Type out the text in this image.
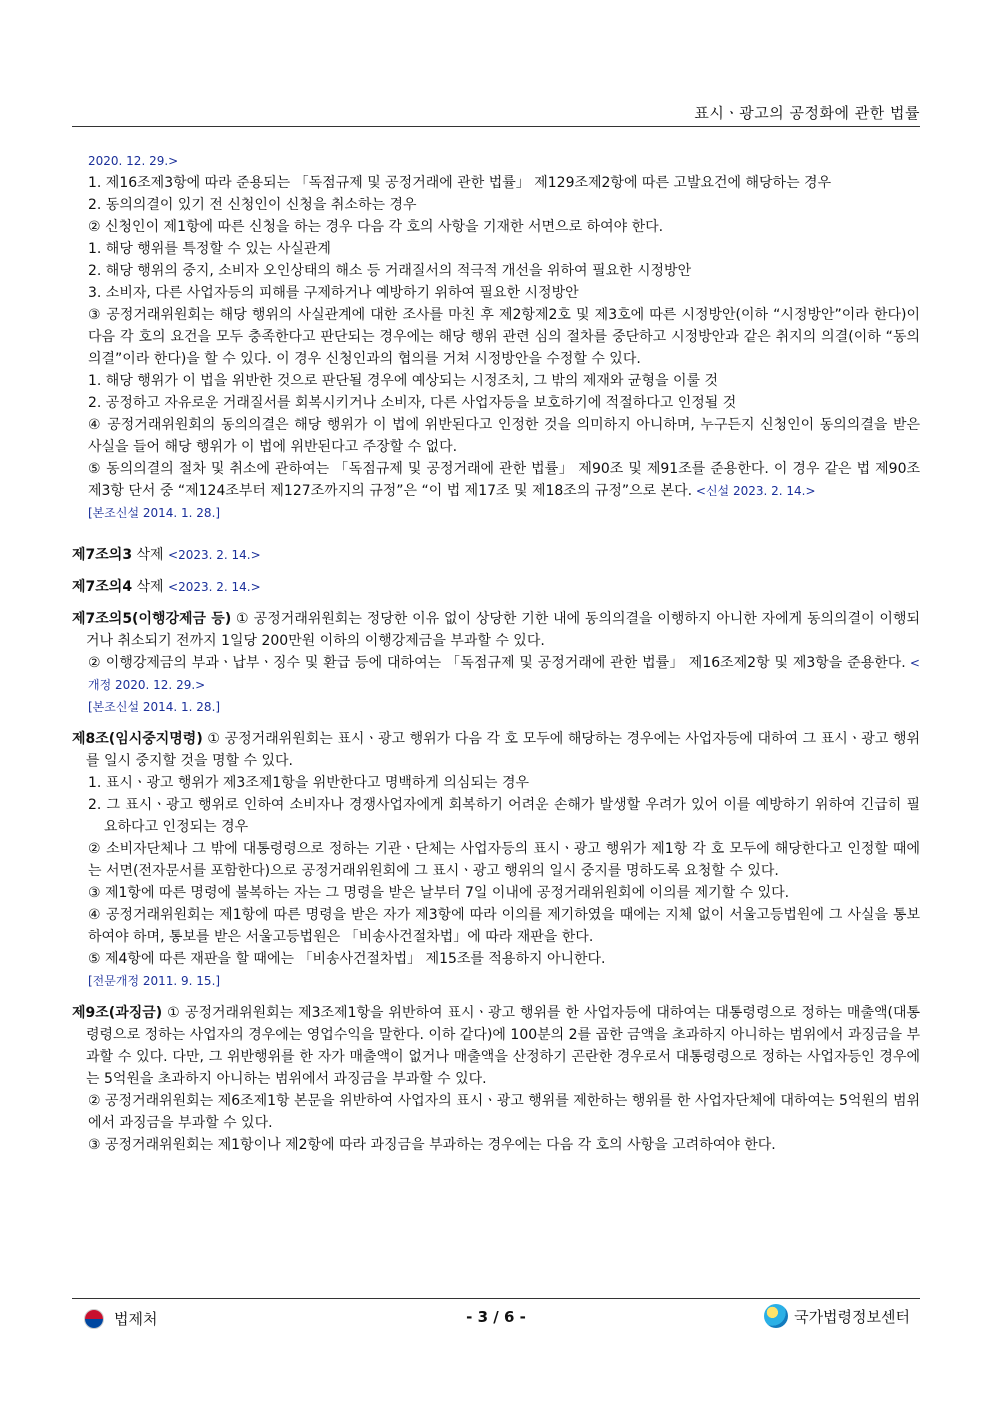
표시ㆍ광고의 공정화에 관한 법률

2020. 12. 29.>

1. 제16조제3항에 따라 준용되는 「독점규제 및 공정거래에 관한 법률」 제129조제2항에 따른 고발요건에 해당하는 경우

2. 동의의결이 있기 전 신청인이 신청을 취소하는 경우

② 신청인이 제1항에 따른 신청을 하는 경우 다음 각 호의 사항을 기재한 서면으로 하여야 한다.

1. 해당 행위를 특정할 수 있는 사실관계

2. 해당 행위의 중지, 소비자 오인상태의 해소 등 거래질서의 적극적 개선을 위하여 필요한 시정방안

3. 소비자, 다른 사업자등의 피해를 구제하거나 예방하기 위하여 필요한 시정방안

③ 공정거래위원회는 해당 행위의 사실관계에 대한 조사를 마친 후 제2항제2호 및 제3호에 따른 시정방안(이하 “시정방안”이라 한다)이 다음 각 호의 요건을 모두 충족한다고 판단되는 경우에는 해당 행위 관련 심의 절차를 중단하고 시정방안과 같은 취지의 의결(이하 “동의의결”이라 한다)을 할 수 있다. 이 경우 신청인과의 협의를 거쳐 시정방안을 수정할 수 있다.

1. 해당 행위가 이 법을 위반한 것으로 판단될 경우에 예상되는 시정조치, 그 밖의 제재와 균형을 이룰 것

2. 공정하고 자유로운 거래질서를 회복시키거나 소비자, 다른 사업자등을 보호하기에 적절하다고 인정될 것

④ 공정거래위원회의 동의의결은 해당 행위가 이 법에 위반된다고 인정한 것을 의미하지 아니하며, 누구든지 신청인이 동의의결을 받은 사실을 들어 해당 행위가 이 법에 위반된다고 주장할 수 없다.

⑤ 동의의결의 절차 및 취소에 관하여는 「독점규제 및 공정거래에 관한 법률」 제90조 및 제91조를 준용한다. 이 경우 같은 법 제90조제3항 단서 중 “제124조부터 제127조까지의 규정”은 “이 법 제17조 및 제18조의 규정”으로 본다. <신설 2023. 2. 14.>

[본조신설 2014. 1. 28.]

제7조의3 삭제 <2023. 2. 14.>
제7조의4 삭제 <2023. 2. 14.>
제7조의5(이행강제금 등) ① 공정거래위원회는 정당한 이유 없이 상당한 기한 내에 동의의결을 이행하지 아니한 자에게 동의의결이 이행되거나 취소되기 전까지 1일당 200만원 이하의 이행강제금을 부과할 수 있다.

② 이행강제금의 부과ㆍ납부ㆍ징수 및 환급 등에 대하여는 「독점규제 및 공정거래에 관한 법률」 제16조제2항 및 제3항을 준용한다. <개정 2020. 12. 29.>

[본조신설 2014. 1. 28.]

제8조(임시중지명령) ① 공정거래위원회는 표시ㆍ광고 행위가 다음 각 호 모두에 해당하는 경우에는 사업자등에 대하여 그 표시ㆍ광고 행위를 일시 중지할 것을 명할 수 있다.

1. 표시ㆍ광고 행위가 제3조제1항을 위반한다고 명백하게 의심되는 경우

2. 그 표시ㆍ광고 행위로 인하여 소비자나 경쟁사업자에게 회복하기 어려운 손해가 발생할 우려가 있어 이를 예방하기 위하여 긴급히 필요하다고 인정되는 경우

② 소비자단체나 그 밖에 대통령령으로 정하는 기관ㆍ단체는 사업자등의 표시ㆍ광고 행위가 제1항 각 호 모두에 해당한다고 인정할 때에는 서면(전자문서를 포함한다)으로 공정거래위원회에 그 표시ㆍ광고 행위의 일시 중지를 명하도록 요청할 수 있다.

③ 제1항에 따른 명령에 불복하는 자는 그 명령을 받은 날부터 7일 이내에 공정거래위원회에 이의를 제기할 수 있다.

④ 공정거래위원회는 제1항에 따른 명령을 받은 자가 제3항에 따라 이의를 제기하였을 때에는 지체 없이 서울고등법원에 그 사실을 통보하여야 하며, 통보를 받은 서울고등법원은 「비송사건절차법」에 따라 재판을 한다.

⑤ 제4항에 따른 재판을 할 때에는 「비송사건절차법」 제15조를 적용하지 아니한다.

[전문개정 2011. 9. 15.]

제9조(과징금) ① 공정거래위원회는 제3조제1항을 위반하여 표시ㆍ광고 행위를 한 사업자등에 대하여는 대통령령으로 정하는 매출액(대통령령으로 정하는 사업자의 경우에는 영업수익을 말한다. 이하 같다)에 100분의 2를 곱한 금액을 초과하지 아니하는 범위에서 과징금을 부과할 수 있다. 다만, 그 위반행위를 한 자가 매출액이 없거나 매출액을 산정하기 곤란한 경우로서 대통령령으로 정하는 사업자등인 경우에는 5억원을 초과하지 아니하는 범위에서 과징금을 부과할 수 있다.

② 공정거래위원회는 제6조제1항 본문을 위반하여 사업자의 표시ㆍ광고 행위를 제한하는 행위를 한 사업자단체에 대하여는 5억원의 범위에서 과징금을 부과할 수 있다.

③ 공정거래위원회는 제1항이나 제2항에 따라 과징금을 부과하는 경우에는 다음 각 호의 사항을 고려하여야 한다.

법제처	- 3 / 6 -	국가법령정보센터
